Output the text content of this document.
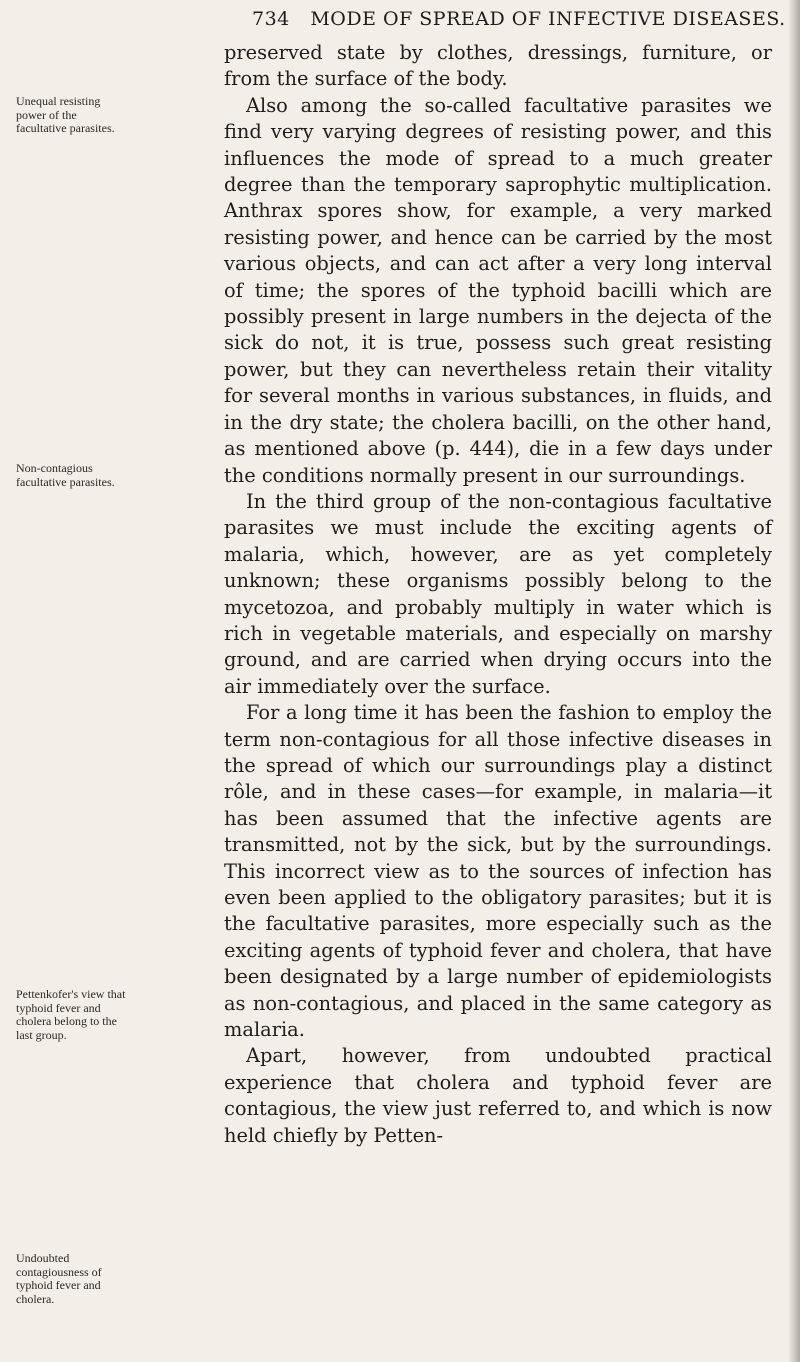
734 MODE OF SPREAD OF INFECTIVE DISEASES.

preserved state by clothes, dressings, furniture, or from the surface of the body.

Also among the so-called facultative parasites we find very varying degrees of resisting power, and this influences the mode of spread to a much greater degree than the temporary saprophytic multiplication. Anthrax spores show, for example, a very marked resisting power, and hence can be carried by the most various objects, and can act after a very long interval of time; the spores of the typhoid bacilli which are possibly present in large numbers in the dejecta of the sick do not, it is true, possess such great resisting power, but they can nevertheless retain their vitality for several months in various substances, in fluids, and in the dry state; the cholera bacilli, on the other hand, as mentioned above (p. 444), die in a few days under the conditions normally present in our surroundings.

In the third group of the non-contagious facultative parasites we must include the exciting agents of malaria, which, however, are as yet completely unknown; these organisms possibly belong to the mycetozoa, and probably multiply in water which is rich in vegetable materials, and especially on marshy ground, and are carried when drying occurs into the air immediately over the surface.

For a long time it has been the fashion to employ the term non-contagious for all those infective diseases in the spread of which our surroundings play a distinct rôle, and in these cases—for example, in malaria—it has been assumed that the infective agents are transmitted, not by the sick, but by the surroundings. This incorrect view as to the sources of infection has even been applied to the obligatory parasites; but it is the facultative parasites, more especially such as the exciting agents of typhoid fever and cholera, that have been designated by a large number of epidemiologists as non-contagious, and placed in the same category as malaria.

Apart, however, from undoubted practical experience that cholera and typhoid fever are contagious, the view just referred to, and which is now held chiefly by Petten-

Unequal resisting power of the facultative parasites.
Non-contagious facultative parasites.
Pettenkofer's view that typhoid fever and cholera belong to the last group.
Undoubted contagiousness of typhoid fever and cholera.
